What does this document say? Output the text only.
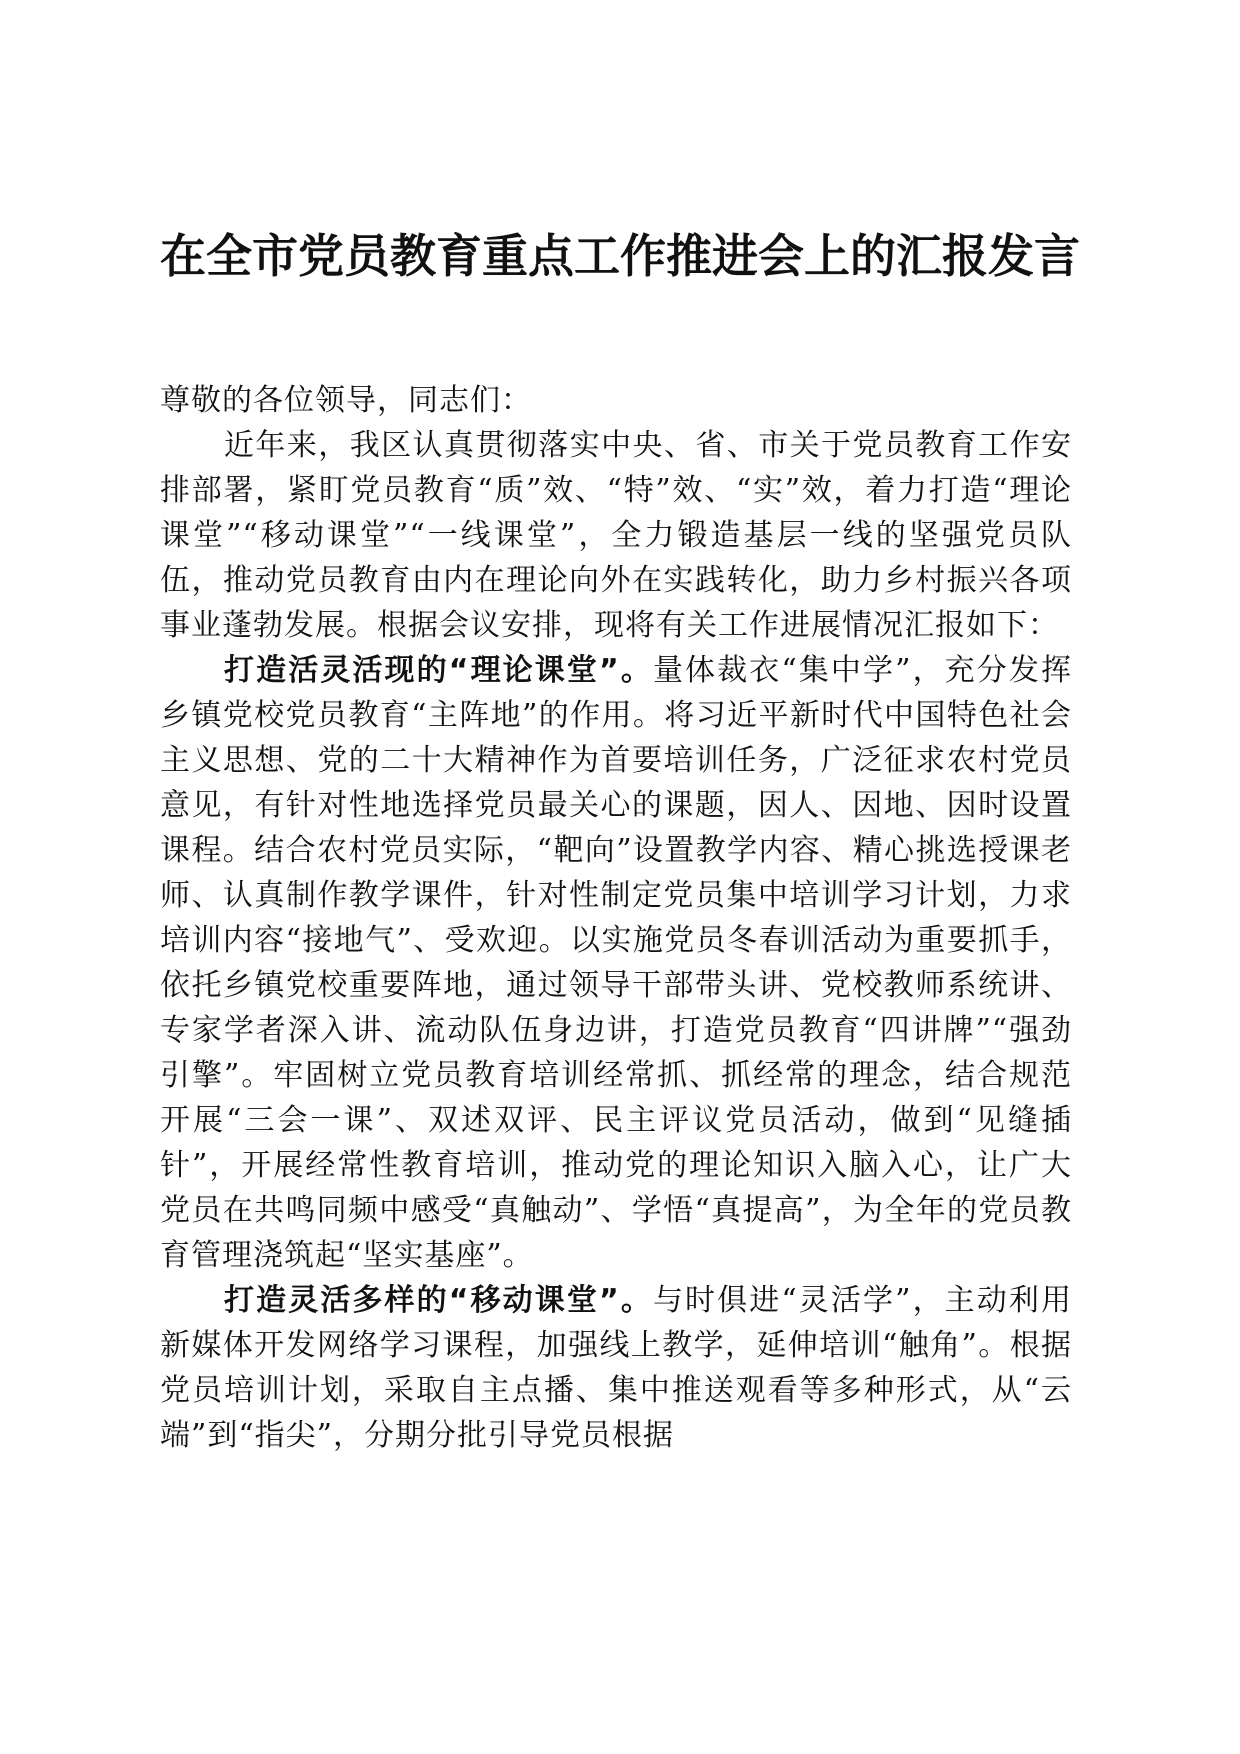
在全市党员教育重点工作推进会上的汇报发言

尊敬的各位领导，同志们：

近年来，我区认真贯彻落实中央、省、市关于党员教育工作安排部署，紧盯党员教育“质”效、“特”效、“实”效，着力打造“理论课堂”“移动课堂”“一线课堂”，全力锻造基层一线的坚强党员队伍，推动党员教育由内在理论向外在实践转化，助力乡村振兴各项事业蓬勃发展。根据会议安排，现将有关工作进展情况汇报如下：

打造活灵活现的“理论课堂”。量体裁衣“集中学”，充分发挥乡镇党校党员教育“主阵地”的作用。将习近平新时代中国特色社会主义思想、党的二十大精神作为首要培训任务，广泛征求农村党员意见，有针对性地选择党员最关心的课题，因人、因地、因时设置课程。结合农村党员实际，“靶向”设置教学内容、精心挑选授课老师、认真制作教学课件，针对性制定党员集中培训学习计划，力求培训内容“接地气”、受欢迎。以实施党员冬春训活动为重要抓手，依托乡镇党校重要阵地，通过领导干部带头讲、党校教师系统讲、专家学者深入讲、流动队伍身边讲，打造党员教育“四讲牌”“强劲引擎”。牢固树立党员教育培训经常抓、抓经常的理念，结合规范开展“三会一课”、双述双评、民主评议党员活动，做到“见缝插针”，开展经常性教育培训，推动党的理论知识入脑入心，让广大党员在共鸣同频中感受“真触动”、学悟“真提高”，为全年的党员教育管理浇筑起“坚实基座”。

打造灵活多样的“移动课堂”。与时俱进“灵活学”，主动利用新媒体开发网络学习课程，加强线上教学，延伸培训“触角”。根据党员培训计划，采取自主点播、集中推送观看等多种形式，从“云端”到“指尖”，分期分批引导党员根据
